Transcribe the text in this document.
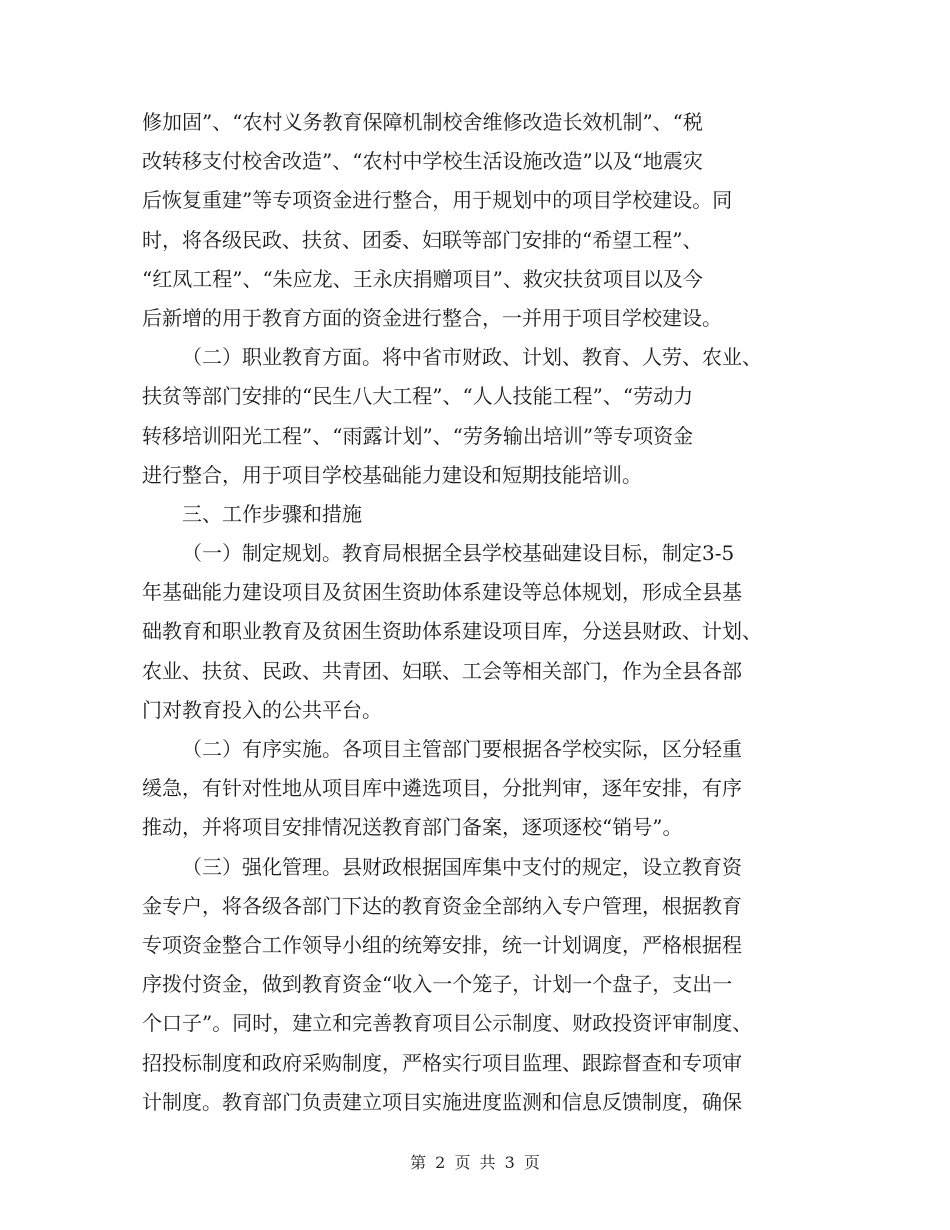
修加固”、“农村义务教育保障机制校舍维修改造长效机制”、“税
改转移支付校舍改造”、“农村中学校生活设施改造”以及“地震灾
后恢复重建”等专项资金进行整合，用于规划中的项目学校建设。同
时，将各级民政、扶贫、团委、妇联等部门安排的“希望工程”、
“红凤工程”、“朱应龙、王永庆捐赠项目”、救灾扶贫项目以及今
后新增的用于教育方面的资金进行整合，一并用于项目学校建设。
（二）职业教育方面。将中省市财政、计划、教育、人劳、农业、
扶贫等部门安排的“民生八大工程”、“人人技能工程”、“劳动力
转移培训阳光工程”、“雨露计划”、“劳务输出培训”等专项资金
进行整合，用于项目学校基础能力建设和短期技能培训。
三、工作步骤和措施
（一）制定规划。教育局根据全县学校基础建设目标，制定3-5
年基础能力建设项目及贫困生资助体系建设等总体规划，形成全县基
础教育和职业教育及贫困生资助体系建设项目库，分送县财政、计划、
农业、扶贫、民政、共青团、妇联、工会等相关部门，作为全县各部
门对教育投入的公共平台。
（二）有序实施。各项目主管部门要根据各学校实际，区分轻重
缓急，有针对性地从项目库中遴选项目，分批判审，逐年安排，有序
推动，并将项目安排情况送教育部门备案，逐项逐校“销号”。
（三）强化管理。县财政根据国库集中支付的规定，设立教育资
金专户，将各级各部门下达的教育资金全部纳入专户管理，根据教育
专项资金整合工作领导小组的统筹安排，统一计划调度，严格根据程
序拨付资金，做到教育资金“收入一个笼子，计划一个盘子，支出一
个口子”。同时，建立和完善教育项目公示制度、财政投资评审制度、
招投标制度和政府采购制度，严格实行项目监理、跟踪督查和专项审
计制度。教育部门负责建立项目实施进度监测和信息反馈制度，确保
第 2 页 共 3 页
